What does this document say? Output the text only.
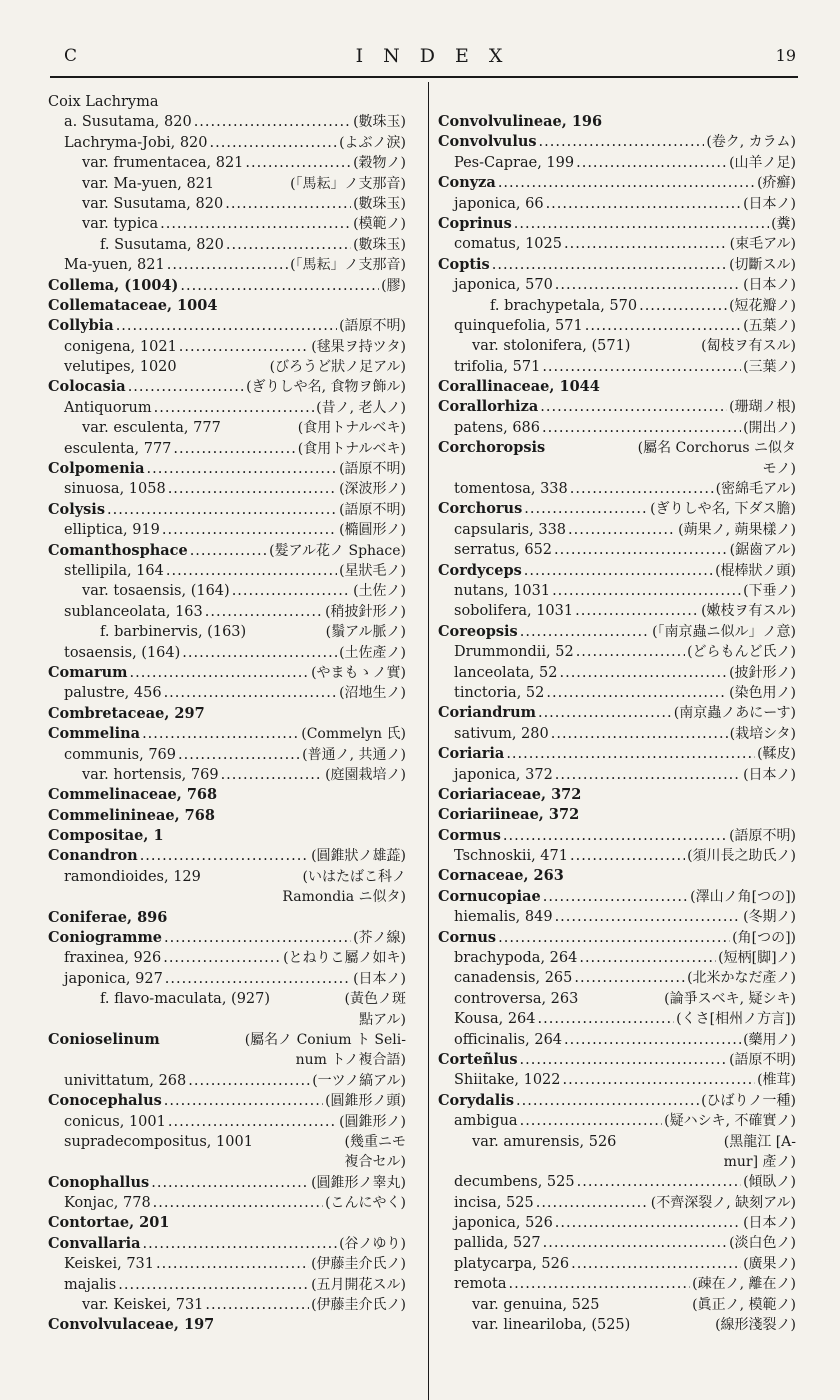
C	INDEX	19
Coix Lachryma
a. Susutama, 820 .....	(數珠玉)
Lachryma-Jobi, 820 .....	(よぶノ淚)
var. frumentacea, 821 .....	(穀物ノ)
var. Ma-yuen, 821	(「馬耘」ノ支那音)
var. Susutama, 820 .....	(數珠玉)
var. typica .....	(模範ノ)
f. Susutama, 820 .....	(數珠玉)
Ma-yuen, 821 .....	(「馬耘」ノ支那音)
Collema, (1004) .....	(膠)
Collemataceae, 1004
Collybia .....	(語原不明)
conigena, 1021 .....	(毬果ヲ持ツタ)
velutipes, 1020	(びろうど狀ノ足アル)
Colocasia .....	(ぎりしや名, 食物ヲ飾ル)
Antiquorum .....	(昔ノ, 老人ノ)
var. esculenta, 777	(食用トナルベキ)
esculenta, 777 .....	(食用トナルベキ)
Colpomenia .....	(語原不明)
sinuosa, 1058 .....	(深波形ノ)
Colysis .....	(語原不明)
elliptica, 919 .....	(橢圓形ノ)
Comanthosphace .....	(髮アル花ノ Sphace)
stellipila, 164 .....	(星狀毛ノ)
var. tosaensis, (164) .....	(土佐ノ)
sublanceolata, 163 .....	(稍披針形ノ)
f. barbinervis, (163)	(鬚アル脈ノ)
tosaensis, (164) .....	(土佐產ノ)
Comarum .....	(やまもゝノ實)
palustre, 456 .....	(沼地生ノ)
Combretaceae, 297
Commelina .....	(Commelyn 氏)
communis, 769 .....	(普通ノ, 共通ノ)
var. hortensis, 769 .....	(庭園栽培ノ)
Commelinaceae, 768
Commelinineae, 768
Compositae, 1
Conandron .....	(圓錐狀ノ雄蕋)
ramondioides, 129	(いはたばこ科ノ
Ramondia ニ似タ)
Coniferae, 896
Coniogramme .....	(芥ノ線)
fraxinea, 926 .....	(とねりこ屬ノ如キ)
japonica, 927 .....	(日本ノ)
f. flavo-maculata, (927)	(黃色ノ斑
點アル)
Conioselinum	(屬名ノ Conium ト Seli-
num トノ複合語)
univittatum, 268 .....	(一ツノ縞アル)
Conocephalus .....	(圓錐形ノ頭)
conicus, 1001 .....	(圓錐形ノ)
supradecompositus, 1001	(幾重ニモ
複合セル)
Conophallus .....	(圓錐形ノ睾丸)
Konjac, 778 .....	(こんにやく)
Contortae, 201
Convallaria .....	(谷ノゆり)
Keiskei, 731 .....	(伊藤圭介氏ノ)
majalis .....	(五月開花スル)
var. Keiskei, 731 .....	(伊藤圭介氏ノ)
Convolvulaceae, 197
Convolvulineae, 196
Convolvulus .....	(卷ク, カラム)
Pes-Caprae, 199 .....	(山羊ノ足)
Conyza .....	(疥癬)
japonica, 66 .....	(日本ノ)
Coprinus .....	(糞)
comatus, 1025 .....	(束毛アル)
Coptis .....	(切斷スル)
japonica, 570 .....	(日本ノ)
f. brachypetala, 570 .....	(短花瓣ノ)
quinquefolia, 571 .....	(五葉ノ)
var. stolonifera, (571)	(匐枝ヲ有スル)
trifolia, 571 .....	(三葉ノ)
Corallinaceae, 1044
Corallorhiza .....	(珊瑚ノ根)
patens, 686 .....	(開出ノ)
Corchoropsis	(屬名 Corchorus ニ似タ
モノ)
tomentosa, 338 .....	(密綿毛アル)
Corchorus .....	(ぎりしや名, 下ダス膽)
capsularis, 338 .....	(蒴果ノ, 蒴果樣ノ)
serratus, 652 .....	(鋸齒アル)
Cordyceps .....	(棍棒狀ノ頭)
nutans, 1031 .....	(下垂ノ)
sobolifera, 1031 .....	(嫩枝ヲ有スル)
Coreopsis .....	(「南京蟲ニ似ル」ノ意)
Drummondii, 52 .....	(どらもんど氏ノ)
lanceolata, 52 .....	(披針形ノ)
tinctoria, 52 .....	(染色用ノ)
Coriandrum .....	(南京蟲ノあにーす)
sativum, 280 .....	(栽培シタ)
Coriaria .....	(鞣皮)
japonica, 372 .....	(日本ノ)
Coriariaceae, 372
Coriariineae, 372
Cormus .....	(語原不明)
Tschnoskii, 471 .....	(須川長之助氏ノ)
Cornaceae, 263
Cornucopiae .....	(澤山ノ角[つの])
hiemalis, 849 .....	(冬期ノ)
Cornus .....	(角[つの])
brachypoda, 264 .....	(短柄[脚]ノ)
canadensis, 265 .....	(北米かなだ產ノ)
controversa, 263	(論爭スベキ, 疑シキ)
Kousa, 264 .....	(くさ[相州ノ方言])
officinalis, 264 .....	(藥用ノ)
Corteñlus .....	(語原不明)
Shiitake, 1022 .....	(椎茸)
Corydalis .....	(ひばりノ一種)
ambigua .....	(疑ハシキ, 不確實ノ)
var. amurensis, 526	(黑龍江 [A-
mur] 產ノ)
decumbens, 525 .....	(傾臥ノ)
incisa, 525 .....	(不齊深裂ノ, 缺刻アル)
japonica, 526 .....	(日本ノ)
pallida, 527 .....	(淡白色ノ)
platycarpa, 526 .....	(廣果ノ)
remota .....	(疎在ノ, 離在ノ)
var. genuina, 525	(眞正ノ, 模範ノ)
var. lineariloba, (525)	(線形淺裂ノ)
